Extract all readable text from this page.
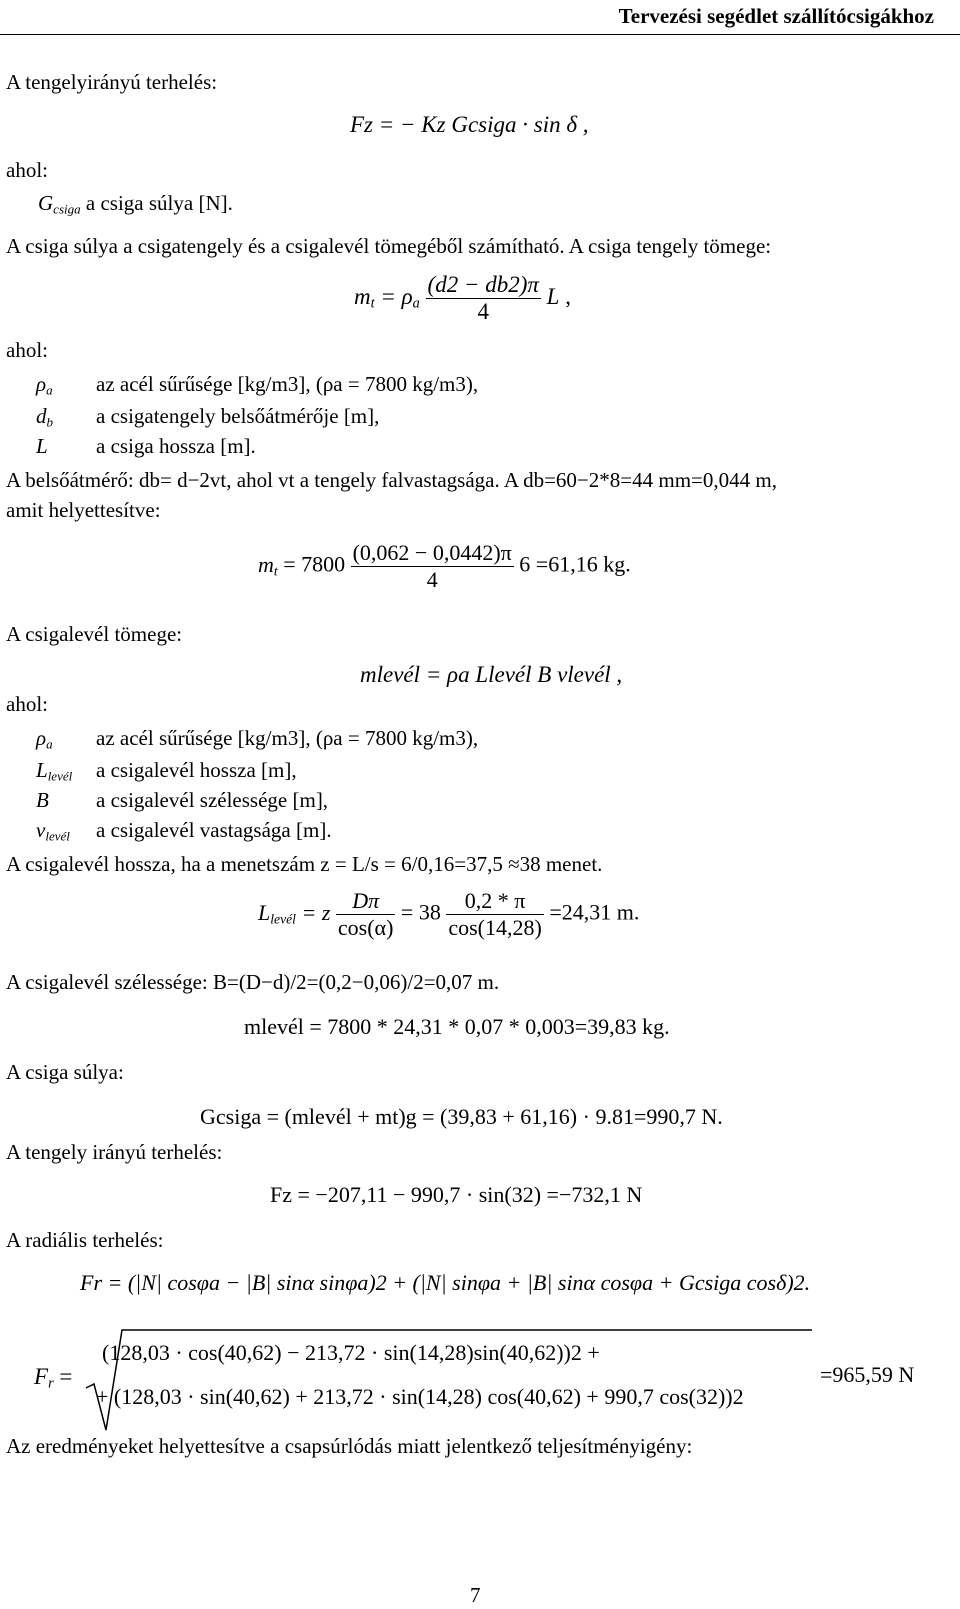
Tervezési segédlet szállítócsigákhoz
A tengelyirányú terhelés:
Fz = − Kz Gcsiga · sin δ ,
ahol:
$G_{csiga}$ a csiga súlya [N].
A csiga súlya a csigatengely és a csigalevél tömegéből számítható. A csiga tengely tömege:
$m_t = \rho_a \frac{(d2 - db2)\pi}{4}$ L ,
ahol:
$\rho_a$	az acél sűrűsége [kg/m3], (ρa = 7800 kg/m3),
$d_b$	a csigatengely belsőátmérője [m],
L	a csiga hossza [m].
A belsőátmérő: db= d−2vt, ahol vt a tengely falvastagsága. A db=60−2*8=44 mm=0,044 m,
amit helyettesítve:
$m_t = 7800 \frac{(0,062 - 0,0442)\pi}{4} 6 =61,16$ kg.
A csigalevél tömege:
mlevél = ρa Llevél B vlevél ,
ahol:
$\rho_a$	az acél sűrűsége [kg/m3], (ρa = 7800 kg/m3),
$L_{levél}$	a csigalevél hossza [m],
B	a csigalevél szélessége [m],
$v_{levél}$	a csigalevél vastagsága [m].
A csigalevél hossza, ha a menetszám z = L/s = 6/0,16=37,5 ≈38 menet.
$L_{levél} = z \frac{D\pi}{\cos(\alpha)} = 38 \frac{0,2 * \pi}{\cos(14,28)} =24,31$ m.
A csigalevél szélessége: B=(D−d)/2=(0,2−0,06)/2=0,07 m.
mlevél = 7800 * 24,31 * 0,07 * 0,003=39,83 kg.
A csiga súlya:
Gcsiga = (mlevél + mt)g = (39,83 + 61,16) · 9.81=990,7 N.
A tengely irányú terhelés:
Fz = −207,11 − 990,7 · sin(32) =−732,1 N
A radiális terhelés:
Fr = (|N| cosφa − |B| sinα sinφa)2 + (|N| sinφa + |B| sinα cosφa + Gcsiga cosδ)2.
$F_r$ =
(128,03 · cos(40,62) − 213,72 · sin(14,28)sin(40,62))2 +
+ (128,03 · sin(40,62) + 213,72 · sin(14,28) cos(40,62) + 990,7 cos(32))2
=965,59 N
Az eredményeket helyettesítve a csapsúrlódás miatt jelentkező teljesítményigény:
7
